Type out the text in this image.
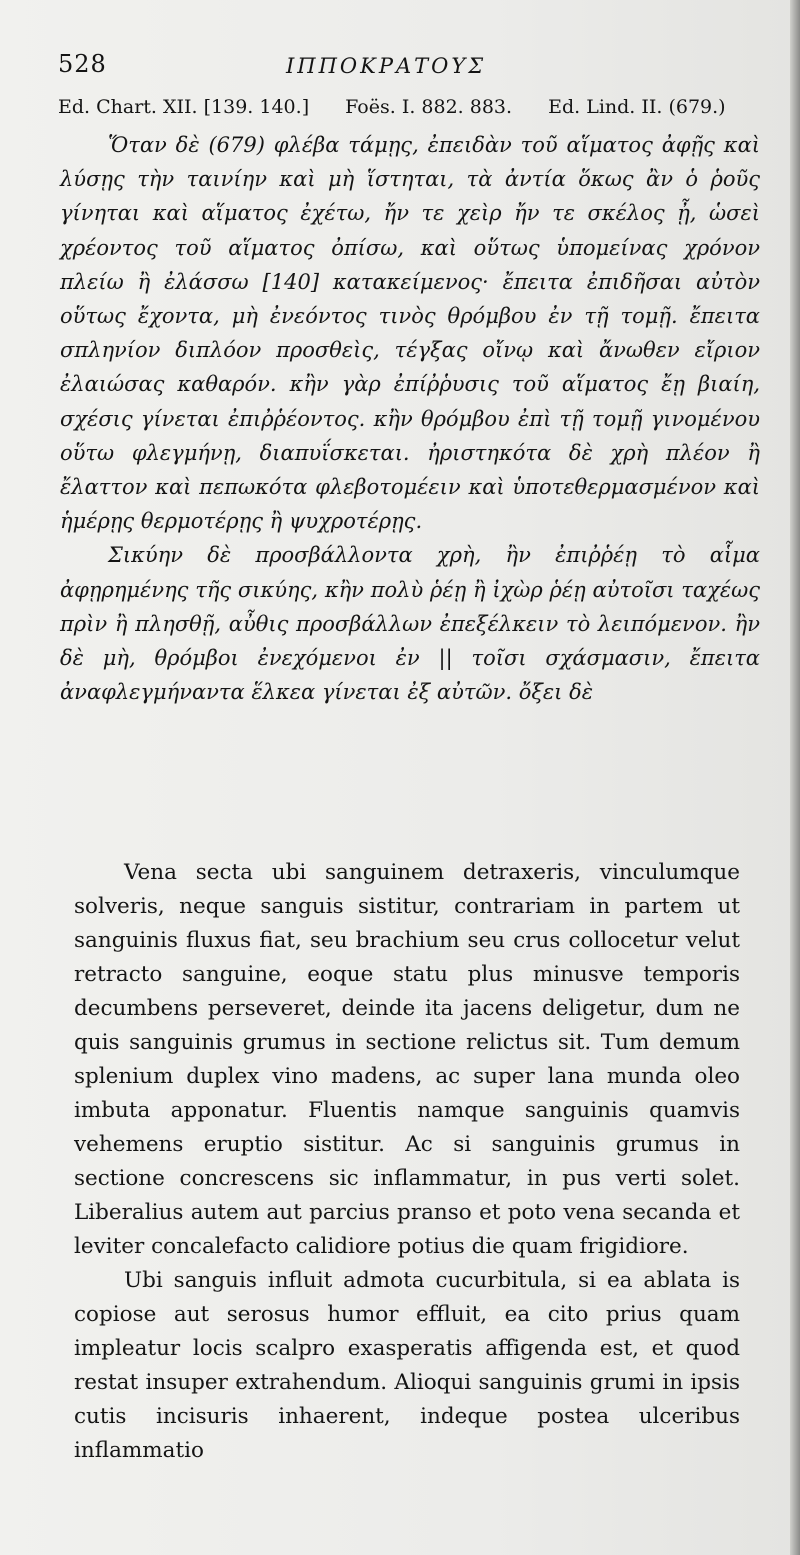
528	ΙΠΠΟΚΡΑΤΟΥΣ
Ed. Chart. XII. [139. 140.] Foës. I. 882. 883. Ed. Lind. II. (679.)

Ὅταν δὲ (679) φλέβα τάμῃς, ἐπειδὰν τοῦ αἵματος ἀφῇς καὶ λύσῃς τὴν ταινίην καὶ μὴ ἵστηται, τὰ ἀντία ὅκως ἂν ὁ ῥοῦς γίνηται καὶ αἵματος ἐχέτω, ἤν τε χεὶρ ἤν τε σκέλος ᾖ, ὡσεὶ χρέοντος τοῦ αἵματος ὀπίσω, καὶ οὕτως ὑπομείνας χρόνον πλείω ἢ ἐλάσσω [140] κατακείμενος· ἔπειτα ἐπιδῆσαι αὐτὸν οὕτως ἔχοντα, μὴ ἐνεόντος τινὸς θρόμβου ἐν τῇ τομῇ. ἔπειτα σπληνίον διπλόον προσθεὶς, τέγξας οἴνῳ καὶ ἄνωθεν εἴριον ἐλαιώσας καθαρόν. κἢν γὰρ ἐπίῤῥυσις τοῦ αἵματος ἔῃ βιαίη, σχέσις γίνεται ἐπιῤῥέοντος. κἢν θρόμβου ἐπὶ τῇ τομῇ γινομένου οὕτω φλεγμήνῃ, διαπυΐσκεται. ἠριστηκότα δὲ χρὴ πλέον ἢ ἔλαττον καὶ πεπωκότα φλεβοτομέειν καὶ ὑποτεθερμασμένον καὶ ἡμέρῃς θερμοτέρῃς ἢ ψυχροτέρῃς.

Σικύην δὲ προσβάλλοντα χρὴ, ἢν ἐπιῤῥέῃ τὸ αἷμα ἀφῃρημένης τῆς σικύης, κἢν πολὺ ῥέῃ ἢ ἰχὼρ ῥέῃ αὐτοῖσι ταχέως πρὶν ἢ πλησθῇ, αὖθις προσβάλλων ἐπεξέλκειν τὸ λειπόμενον. ἢν δὲ μὴ, θρόμβοι ἐνεχόμενοι ἐν || τοῖσι σχάσμασιν, ἔπειτα ἀναφλεγμήναντα ἕλκεα γίνεται ἐξ αὐτῶν. ὄξει δὲ

Vena secta ubi sanguinem detraxeris, vinculumque solveris, neque sanguis sistitur, contrariam in partem ut sanguinis fluxus fiat, seu brachium seu crus collocetur velut retracto sanguine, eoque statu plus minusve temporis decumbens perseveret, deinde ita jacens deligetur, dum ne quis sanguinis grumus in sectione relictus sit. Tum demum splenium duplex vino madens, ac super lana munda oleo imbuta apponatur. Fluentis namque sanguinis quamvis vehemens eruptio sistitur. Ac si sanguinis grumus in sectione concrescens sic inflammatur, in pus verti solet. Liberalius autem aut parcius pranso et poto vena secanda et leviter concalefacto calidiore potius die quam frigidiore.

Ubi sanguis influit admota cucurbitula, si ea ablata is copiose aut serosus humor effluit, ea cito prius quam impleatur locis scalpro exasperatis affigenda est, et quod restat insuper extrahendum. Alioqui sanguinis grumi in ipsis cutis incisuris inhaerent, indeque postea ulceribus inflammatio
